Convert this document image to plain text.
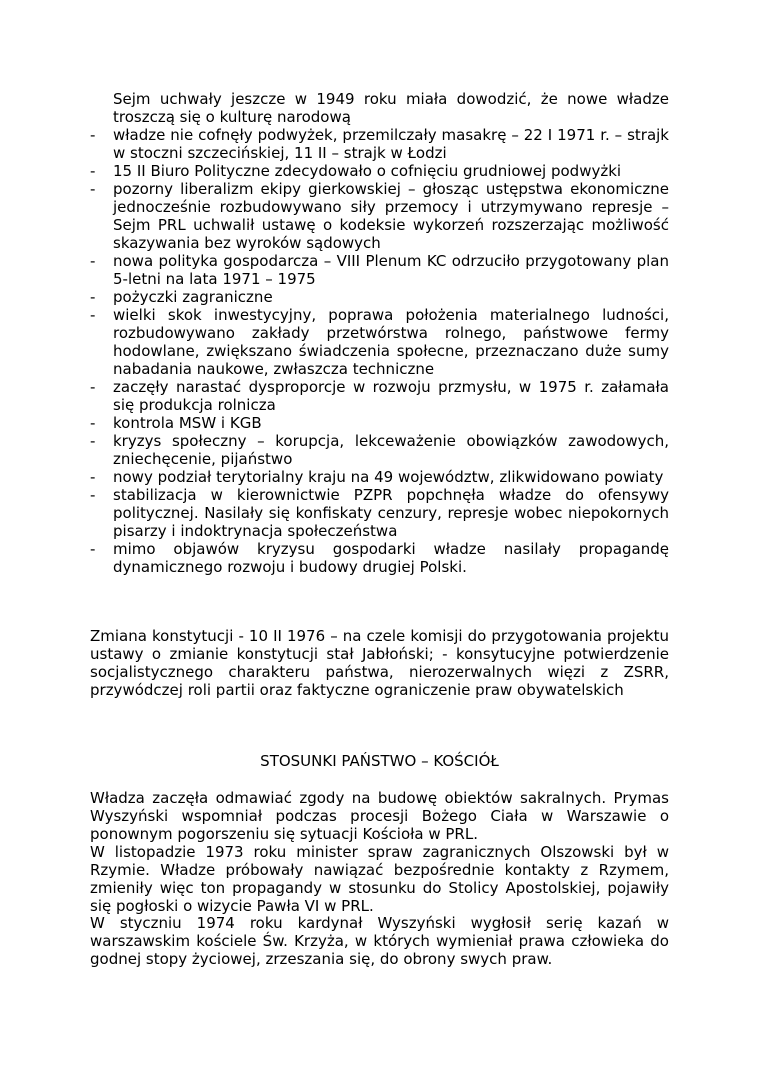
Sejm uchwały jeszcze w 1949 roku miała dowodzić, że nowe władze troszczą się o kulturę narodową
- władze nie cofnęły podwyżek, przemilczały masakrę – 22 I 1971 r. – strajk w stoczni szczecińskiej, 11 II – strajk w Łodzi
- 15 II Biuro Polityczne zdecydowało o cofnięciu grudniowej podwyżki
- pozorny liberalizm ekipy gierkowskiej – głosząc ustępstwa ekonomiczne jednocześnie rozbudowywano siły przemocy i utrzymywano represje – Sejm PRL uchwalił ustawę o kodeksie wykorzeń rozszerzając możliwość skazywania bez wyroków sądowych
- nowa polityka gospodarcza – VIII Plenum KC odrzuciło przygotowany plan 5-letni na lata 1971 – 1975
- pożyczki zagraniczne
- wielki skok inwestycyjny, poprawa położenia materialnego ludności, rozbudowywano zakłady przetwórstwa rolnego, państwowe fermy hodowlane, zwiększano świadczenia społecne, przeznaczano duże sumy nabadania naukowe, zwłaszcza techniczne
- zaczęły narastać dysproporcje w rozwoju przmysłu, w 1975 r. załamała się produkcja rolnicza
- kontrola MSW i KGB
- kryzys społeczny – korupcja, lekceważenie obowiązków zawodowych, zniechęcenie, pijaństwo
- nowy podział terytorialny kraju na 49 województw, zlikwidowano powiaty
- stabilizacja w kierownictwie PZPR popchnęła władze do ofensywy politycznej. Nasilały się konfiskaty cenzury, represje wobec niepokornych pisarzy i indoktrynacja społeczeństwa
- mimo objawów kryzysu gospodarki władze nasilały propagandę dynamicznego rozwoju i budowy drugiej Polski.

Zmiana konstytucji - 10 II 1976 – na czele komisji do przygotowania projektu ustawy o zmianie konstytucji stał Jabłoński; - konsytucyjne potwierdzenie socjalistycznego charakteru państwa, nierozerwalnych więzi z ZSRR, przywódczej roli partii oraz faktyczne ograniczenie praw obywatelskich

STOSUNKI PAŃSTWO – KOŚCIÓŁ

Władza zaczęła odmawiać zgody na budowę obiektów sakralnych. Prymas Wyszyński wspomniał podczas procesji Bożego Ciała w Warszawie o ponownym pogorszeniu się sytuacji Kościoła w PRL.

W listopadzie 1973 roku minister spraw zagranicznych Olszowski był w Rzymie. Władze próbowały nawiązać bezpośrednie kontakty z Rzymem, zmieniły więc ton propagandy w stosunku do Stolicy Apostolskiej, pojawiły się pogłoski o wizycie Pawła VI w PRL.

W styczniu 1974 roku kardynał Wyszyński wygłosił serię kazań w warszawskim kościele Św. Krzyża, w których wymieniał prawa człowieka do godnej stopy życiowej, zrzeszania się, do obrony swych praw.
